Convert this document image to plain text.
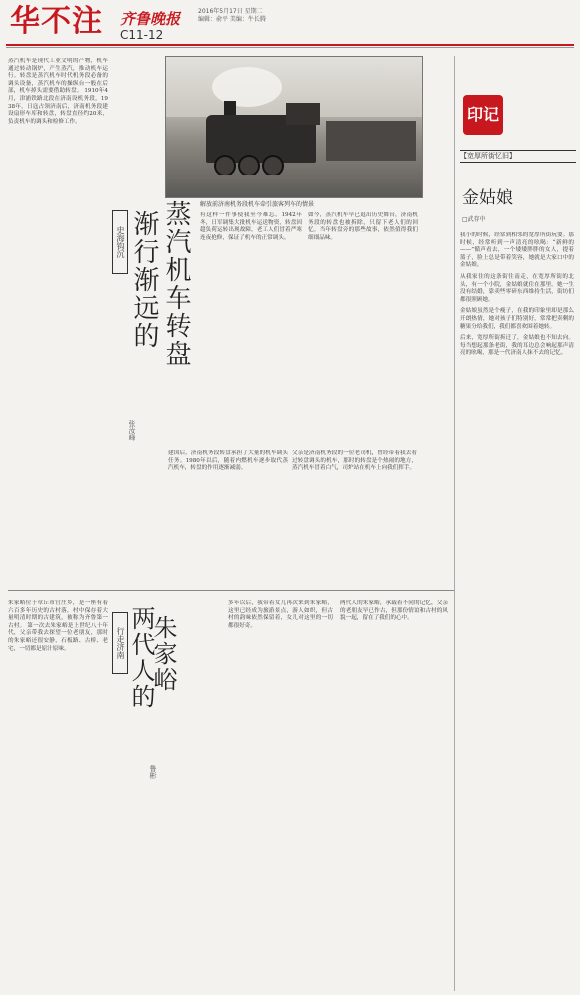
华不注 齐鲁晚报	2016年5月17日 星期二
编辑：俞平 美编：牛长腾
C11-12
蒸汽机车是现代工业文明的产物，机车通过转动锅炉，产生蒸汽，推动机车运行。转盘是蒸汽机车时代机务段必备的调头设备，蒸汽机车的操纵台一般在后部，机车掉头需要借助转盘。 1910年4月，津浦铁路北段在济南设机务段，1938年，日寇占领济南后，济南机务段建设扇形车库和转盘，转盘直径约20米，负责机车的调头和检修工作。
史海钩沉 蒸汽机车转盘
渐行渐远的
张汝峰
解放前济南机务段机车牵引旅客列车的情景
有这样一件事使我至今难忘。1942年冬，日军调集大批机车运送物资，转盘因超负荷运转出现故障，老工人们冒着严寒连夜抢修，保证了机车的正常调头。
如今，蒸汽机车早已退出历史舞台，济南机务段的转盘也被拆除，只留下老人们的回忆。当年转盘旁的那些故事，依然值得我们细细品味。
建国后，济南机务段转盘承担了大量的机车调头任务。1980年以后，随着内燃机车逐步取代蒸汽机车，转盘的作用逐渐减弱。
父亲是济南机务段的一位老司机，曾经带着我去看过转盘调头的机车，那时的转盘是个热闹的地方，蒸汽机车冒着白气，司炉站在机车上向我们挥手。
朱家峪位于章丘市官庄乡，是一座有着六百多年历史的古村落，村中保存着大量明清时期的古建筑，被称为齐鲁第一古村。 第一次去朱家峪是上世纪八十年代，父亲带我去探望一位老朋友，那时的朱家峪还很安静，石板路、古桥、老宅，一切都是原汁原味。	行走济南 朱家峪
两代人的
鲁彬
多年以后，我带着女儿再次来到朱家峪，这里已经成为旅游景点，游人如织，但古村的韵味依然保留着，女儿对这里的一切都很好奇。
两代人的朱家峪，承载着不同的记忆，父亲的老朋友早已作古，但那份情谊和古村的风貌一起，留在了我们的心中。
印记
【宽厚所街忆旧】
金姑娘
□武存中

我小的时候，经常到相邻的宽厚所街玩耍。那时候，经常听到一声清亮的吆喝：“新鲜的——”循声看去，一个矮矮胖胖的女人，提着篮子，脸上总是带着笑容，她就是大家口中的金姑娘。

从我家住的这条街往南走，在宽厚所街的北头，有一个小院，金姑娘就住在那里。她一生没有结婚，靠卖些零碎东西维持生活，街坊们都很照顾她。

金姑娘虽然是个瘦子，在我的印象里却是那么开朗热情，她对孩子们特别好，常常把卖剩的糖果分给我们，我们都喜欢围着她转。

后来，宽厚所街拆迁了，金姑娘也不知去向。每当想起那条老街，我的耳边总会响起那声清亮的吆喝，那是一代济南人抹不去的记忆。
